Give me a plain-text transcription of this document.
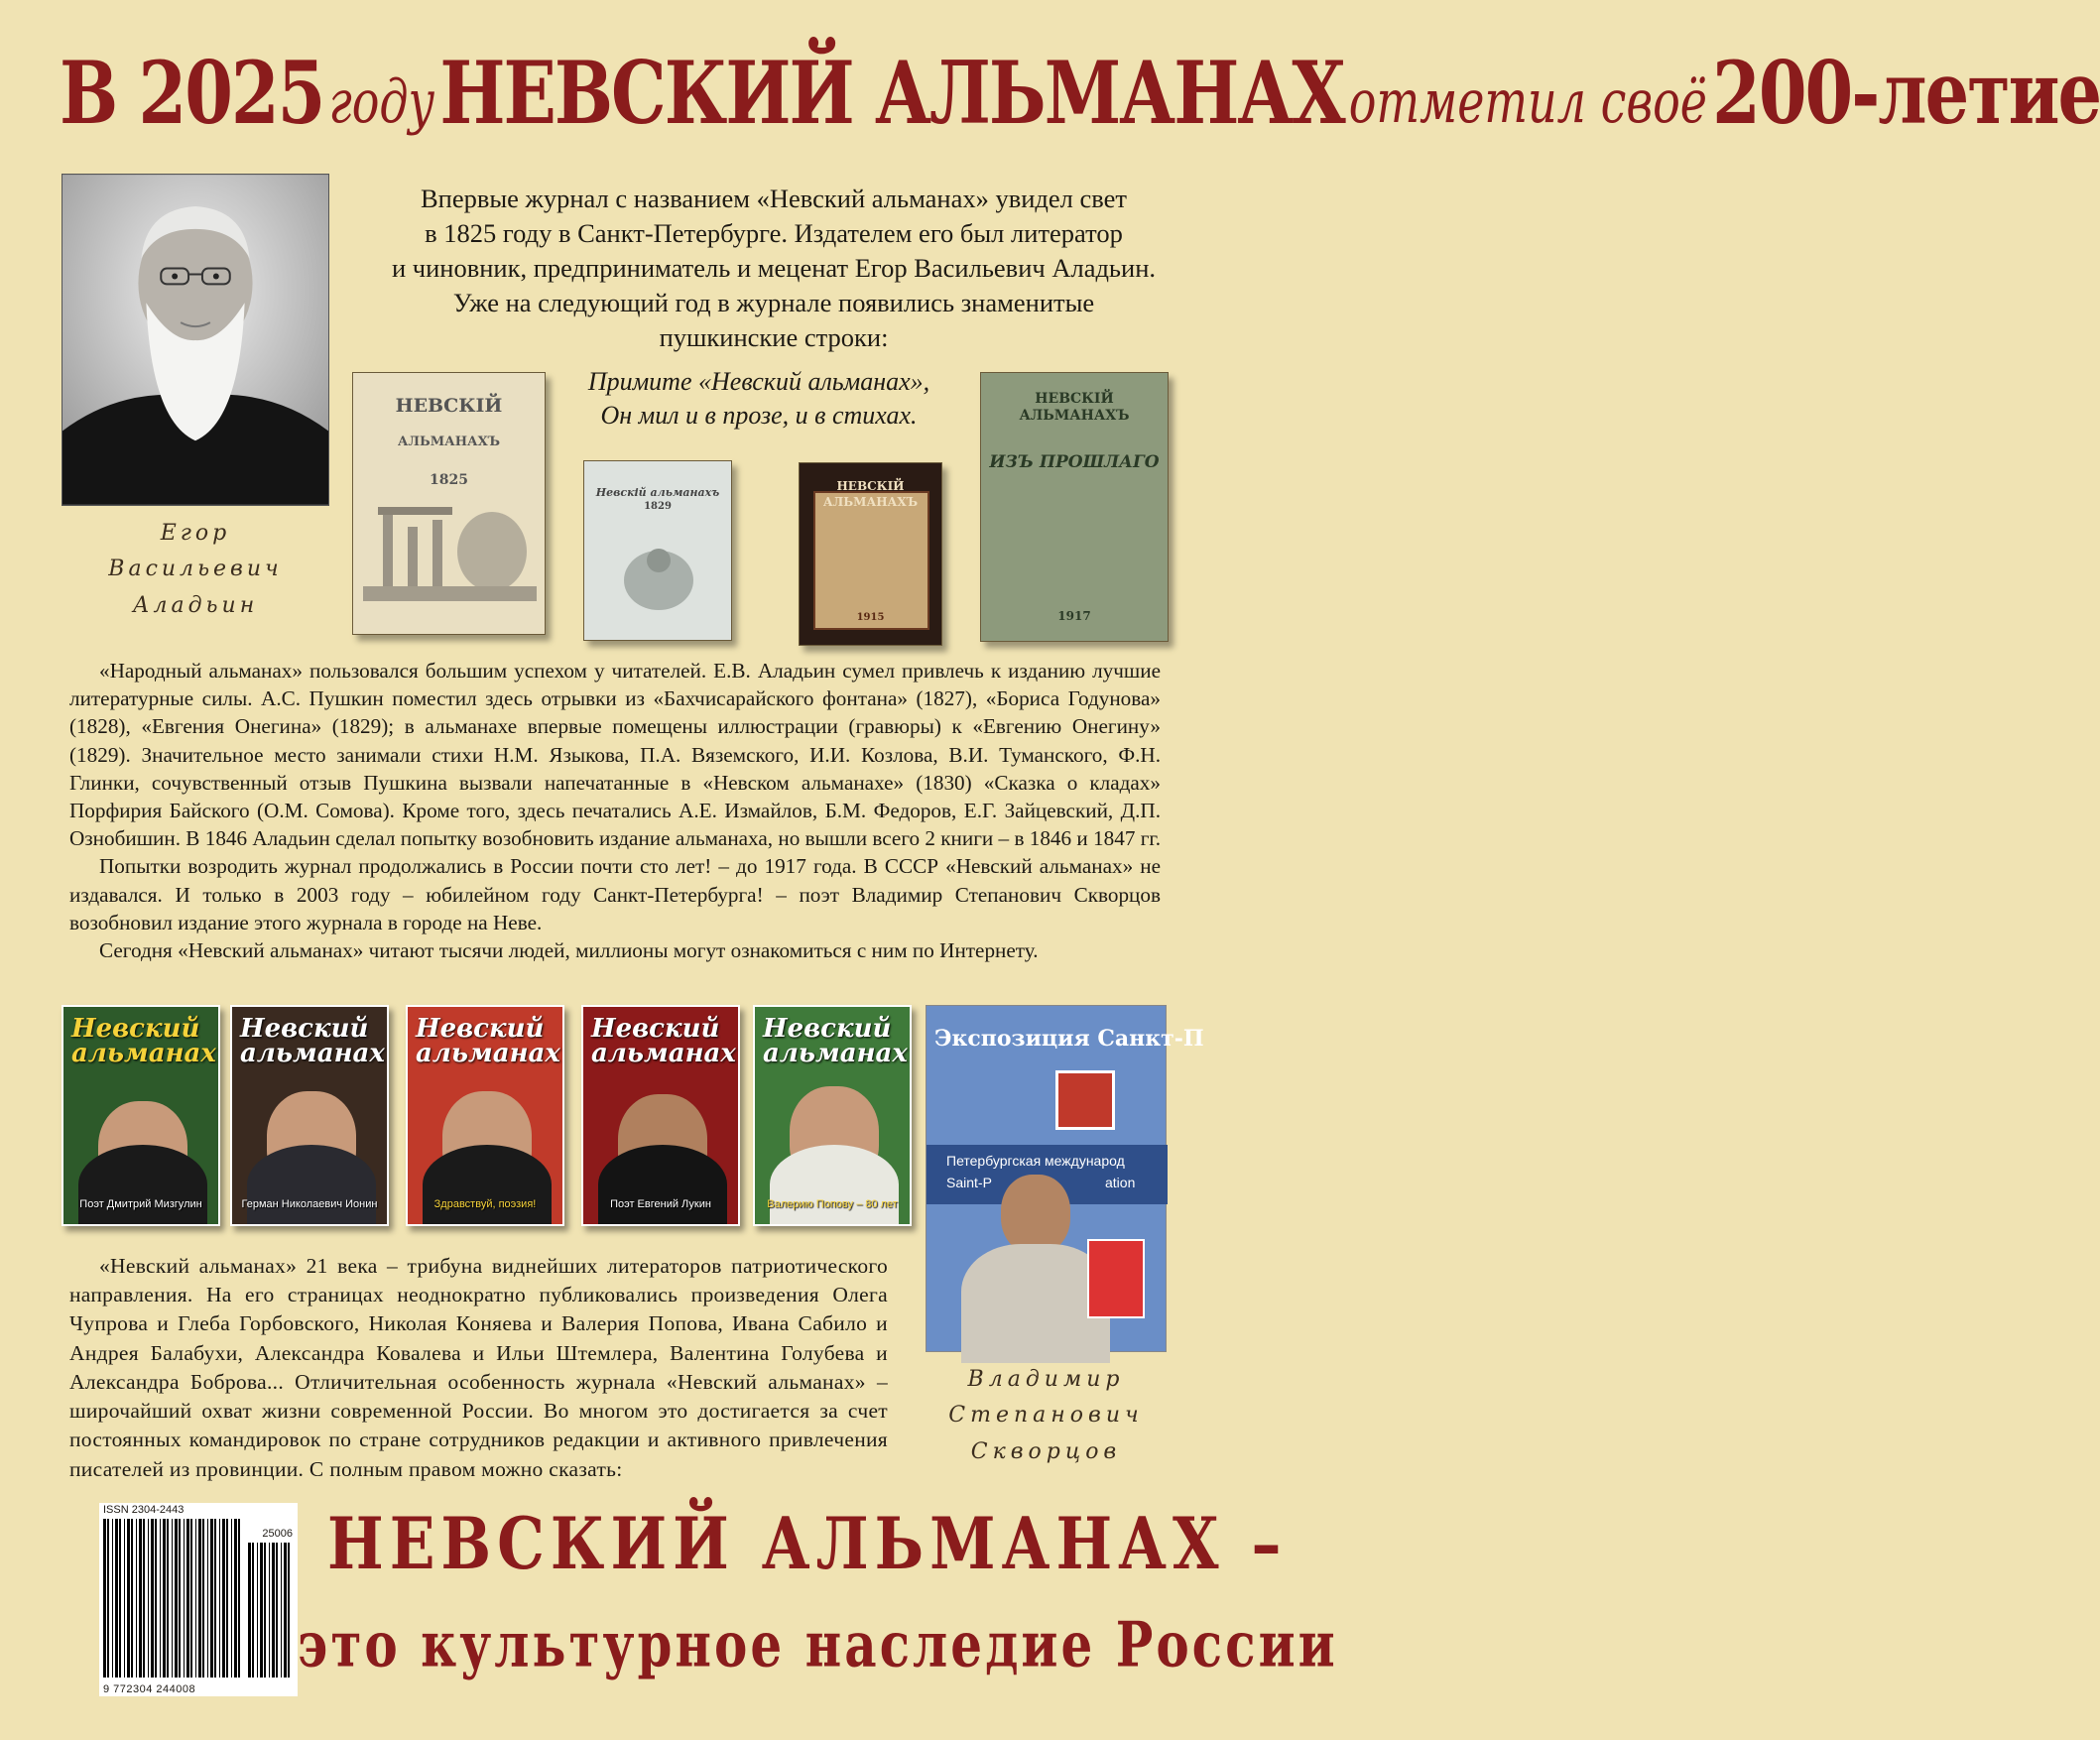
В 2025 году НЕВСКИЙ АЛЬМАНАХ отметил своё 200-летие
Егор
Васильевич
Аладьин
Впервые журнал с названием «Невский альманах» увидел свет
в 1825 году в Санкт-Петербурге. Издателем его был литератор
и чиновник, предприниматель и меценат Егор Васильевич Аладьин.
Уже на следующий год в журнале появились знаменитые
пушкинские строки:
Примите «Невский альманах»,
Он мил и в прозе, и в стихах.
НЕВСКІЙ
АЛЬМАНАХЪ
1825
Невскій альманахъ
1829
НЕВСКІЙ
АЛЬМАНАХЪ
1915
НЕВСКІЙ АЛЬМАНАХЪ
ИЗЪ ПРОШЛАГО
1917

«Народный альманах» пользовался большим успехом у читателей. Е.В. Аладьин сумел привлечь к изданию лучшие литературные силы. А.С. Пушкин поместил здесь отрывки из «Бахчисарайского фонтана» (1827), «Бориса Годунова» (1828), «Евгения Онегина» (1829); в альманахе впервые помещены иллюстрации (гравюры) к «Евгению Онегину» (1829). Значительное место занимали стихи Н.М. Языкова, П.А. Вяземского, И.И. Козлова, В.И. Туманского, Ф.Н. Глинки, сочувственный отзыв Пушкина вызвали напечатанные в «Невском альманахе» (1830) «Сказка о кладах» Порфирия Байского (О.М. Сомова). Кроме того, здесь печатались А.Е. Измайлов, Б.М. Федоров, Е.Г. Зайцевский, Д.П. Ознобишин. В 1846 Аладьин сделал попытку возобновить издание альманаха, но вышли всего 2 книги – в 1846 и 1847 гг.

Попытки возродить журнал продолжались в России почти сто лет! – до 1917 года. В СССР «Невский альманах» не издавался. И только в 2003 году – юбилейном году Санкт-Петербурга! – поэт Владимир Степанович Скворцов возобновил издание этого журнала в городе на Неве.

Сегодня «Невский альманах» читают тысячи людей, миллионы могут ознакомиться с ним по Интернету.

Невский альманах
Поэт Дмитрий Мизгулин
Невский альманах
Герман Николаевич Ионин
Невский альманах
Здравствуй, поэзия!
Невский альманах
Поэт Евгений Лукин
Невский альманах
Валерию Попову – 80 лет
Экспозиция Санкт-П
Петербургская международ
Saint-P	ation
Владимир
Степанович
Скворцов

«Невский альманах» 21 века – трибуна виднейших литераторов патриотического направления. На его страницах неоднократно публиковались произведения Олега Чупрова и Глеба Горбовского, Николая Коняева и Валерия Попова, Ивана Сабило и Андрея Балабухи, Александра Ковалева и Ильи Штемлера, Валентина Голубева и Александра Боброва... Отличительная особенность журнала «Невский альманах» – широчайший охват жизни современной России. Во многом это достигается за счет постоянных командировок по стране сотрудников редакции и активного привлечения писателей из провинции. С полным правом можно сказать:

ISSN 2304-2443
25006
9 772304 244008
НЕВСКИЙ АЛЬМАНАХ –
это культурное наследие России
